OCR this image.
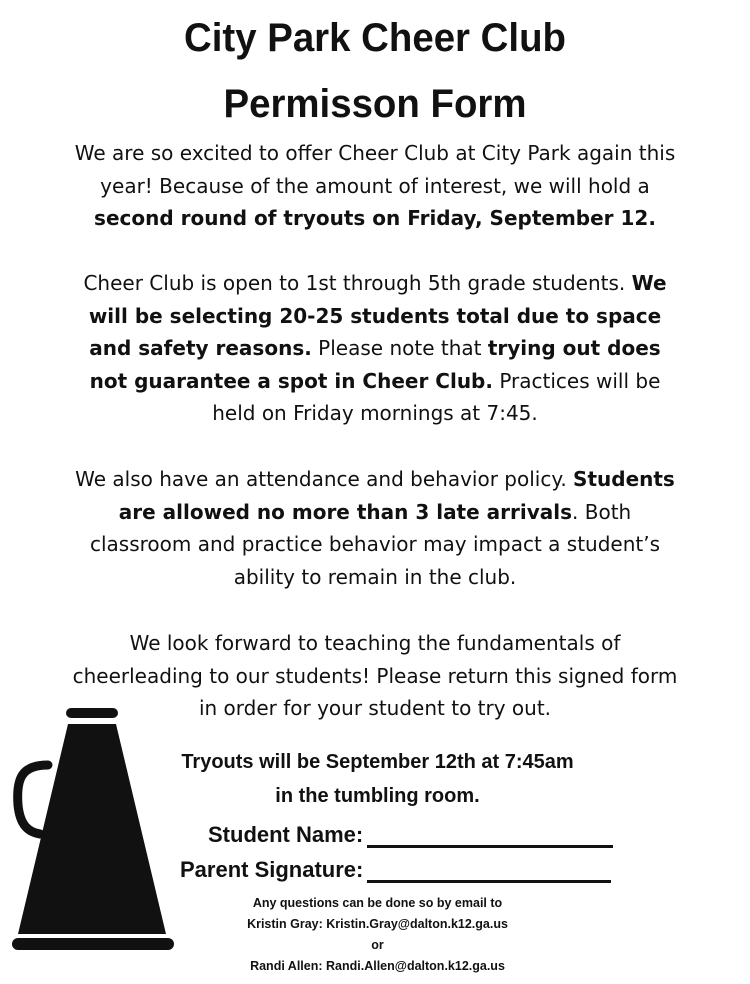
City Park Cheer Club
Permisson Form

We are so excited to offer Cheer Club at City Park again this year! Because of the amount of interest, we will hold a second round of tryouts on Friday, September 12.

Cheer Club is open to 1st through 5th grade students. We will be selecting 20-25 students total due to space and safety reasons. Please note that trying out does not guarantee a spot in Cheer Club. Practices will be held on Friday mornings at 7:45.

We also have an attendance and behavior policy. Students are allowed no more than 3 late arrivals. Both classroom and practice behavior may impact a student’s ability to remain in the club.

We look forward to teaching the fundamentals of cheerleading to our students! Please return this signed form in order for your student to try out.

Tryouts will be September 12th at 7:45am

in the tumbling room.

Student Name:
Parent Signature:

Any questions can be done so by email to

Kristin Gray: Kristin.Gray@dalton.k12.ga.us

or

Randi Allen: Randi.Allen@dalton.k12.ga.us
